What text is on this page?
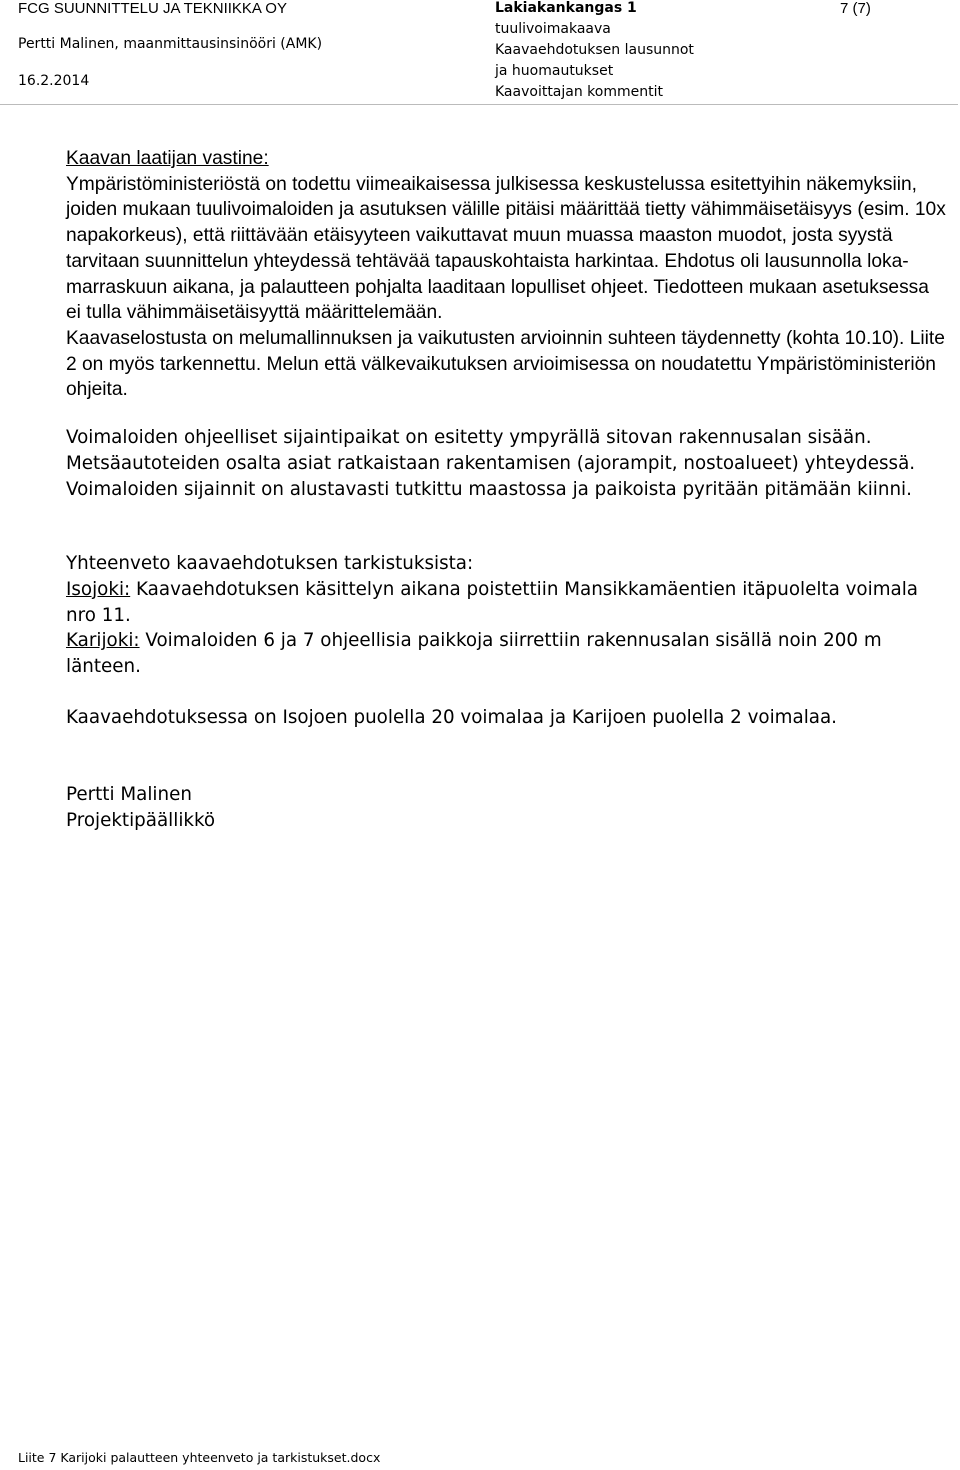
FCG SUUNNITTELU JA TEKNIIKKA OY
Pertti Malinen, maanmittausinsinööri (AMK)
16.2.2014
Lakiakankangas 1
tuulivoimakaava
Kaavaehdotuksen lausunnot
ja huomautukset
Kaavoittajan kommentit
7 (7)
Kaavan laatijan vastine:
Ympäristöministeriöstä on todettu viimeaikaisessa julkisessa keskustelussa esitettyihin näkemyksiin, joiden mukaan tuulivoimaloiden ja asutuksen välille pitäisi määrittää tietty vähimmäisetäisyys (esim. 10x napakorkeus), että riittävään etäisyyteen vaikuttavat muun muassa maaston muodot, josta syystä tarvitaan suunnittelun yhteydessä tehtävää tapauskohtaista harkintaa. Ehdotus oli lausunnolla loka-marraskuun aikana, ja palautteen pohjalta laaditaan lopulliset ohjeet. Tiedotteen mukaan asetuksessa ei tulla vähimmäisetäisyyttä määrittelemään.
Kaavaselostusta on melumallinnuksen ja vaikutusten arvioinnin suhteen täydennetty (kohta 10.10). Liite 2 on myös tarkennettu. Melun että välkevaikutuksen arvioimisessa on noudatettu Ympäristöministeriön ohjeita.
Voimaloiden ohjeelliset sijaintipaikat on esitetty ympyrällä sitovan rakennusalan sisään. Metsäautoteiden osalta asiat ratkaistaan rakentamisen (ajorampit, nostoalueet) yhteydessä. Voimaloiden sijainnit on alustavasti tutkittu maastossa ja paikoista pyritään pitämään kiinni.
Yhteenveto kaavaehdotuksen tarkistuksista:
Isojoki: Kaavaehdotuksen käsittelyn aikana poistettiin Mansikkamäentien itäpuolelta voimala nro 11.
Karijoki: Voimaloiden 6 ja 7 ohjeellisia paikkoja siirrettiin rakennusalan sisällä noin 200 m länteen.
Kaavaehdotuksessa on Isojoen puolella 20 voimalaa ja Karijoen puolella 2 voimalaa.
Pertti Malinen
Projektipäällikkö
Liite 7 Karijoki palautteen yhteenveto ja tarkistukset.docx
